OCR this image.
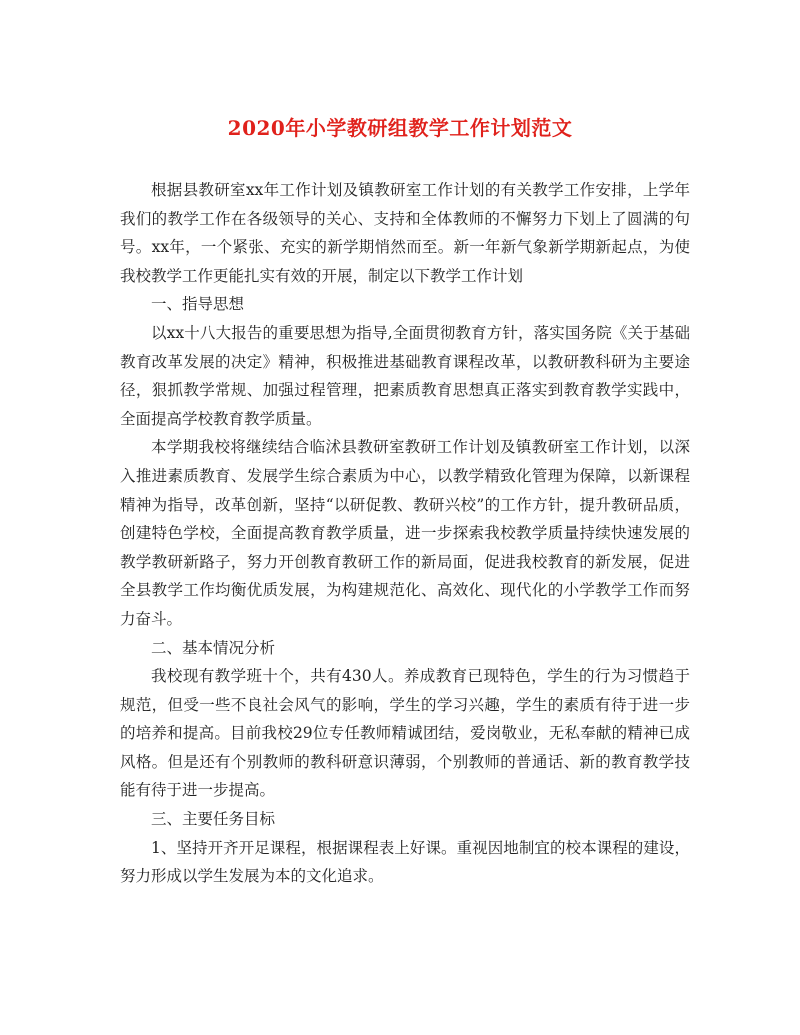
2020年小学教研组教学工作计划范文

根据县教研室xx年工作计划及镇教研室工作计划的有关教学工作安排，上学年我们的教学工作在各级领导的关心、支持和全体教师的不懈努力下划上了圆满的句号。xx年，一个紧张、充实的新学期悄然而至。新一年新气象新学期新起点，为使我校教学工作更能扎实有效的开展，制定以下教学工作计划

一、指导思想

以xx十八大报告的重要思想为指导,全面贯彻教育方针，落实国务院《关于基础教育改革发展的决定》精神，积极推进基础教育课程改革，以教研教科研为主要途径，狠抓教学常规、加强过程管理，把素质教育思想真正落实到教育教学实践中，全面提高学校教育教学质量。

本学期我校将继续结合临沭县教研室教研工作计划及镇教研室工作计划，以深入推进素质教育、发展学生综合素质为中心，以教学精致化管理为保障，以新课程精神为指导，改革创新，坚持“以研促教、教研兴校”的工作方针，提升教研品质，创建特色学校，全面提高教育教学质量，进一步探索我校教学质量持续快速发展的教学教研新路子，努力开创教育教研工作的新局面，促进我校教育的新发展，促进全县教学工作均衡优质发展，为构建规范化、高效化、现代化的小学教学工作而努力奋斗。

二、基本情况分析

我校现有教学班十个，共有430人。养成教育已现特色，学生的行为习惯趋于规范，但受一些不良社会风气的影响，学生的学习兴趣，学生的素质有待于进一步的培养和提高。目前我校29位专任教师精诚团结，爱岗敬业，无私奉献的精神已成风格。但是还有个别教师的教科研意识薄弱，个别教师的普通话、新的教育教学技能有待于进一步提高。

三、主要任务目标

1、坚持开齐开足课程，根据课程表上好课。重视因地制宜的校本课程的建设，努力形成以学生发展为本的文化追求。
